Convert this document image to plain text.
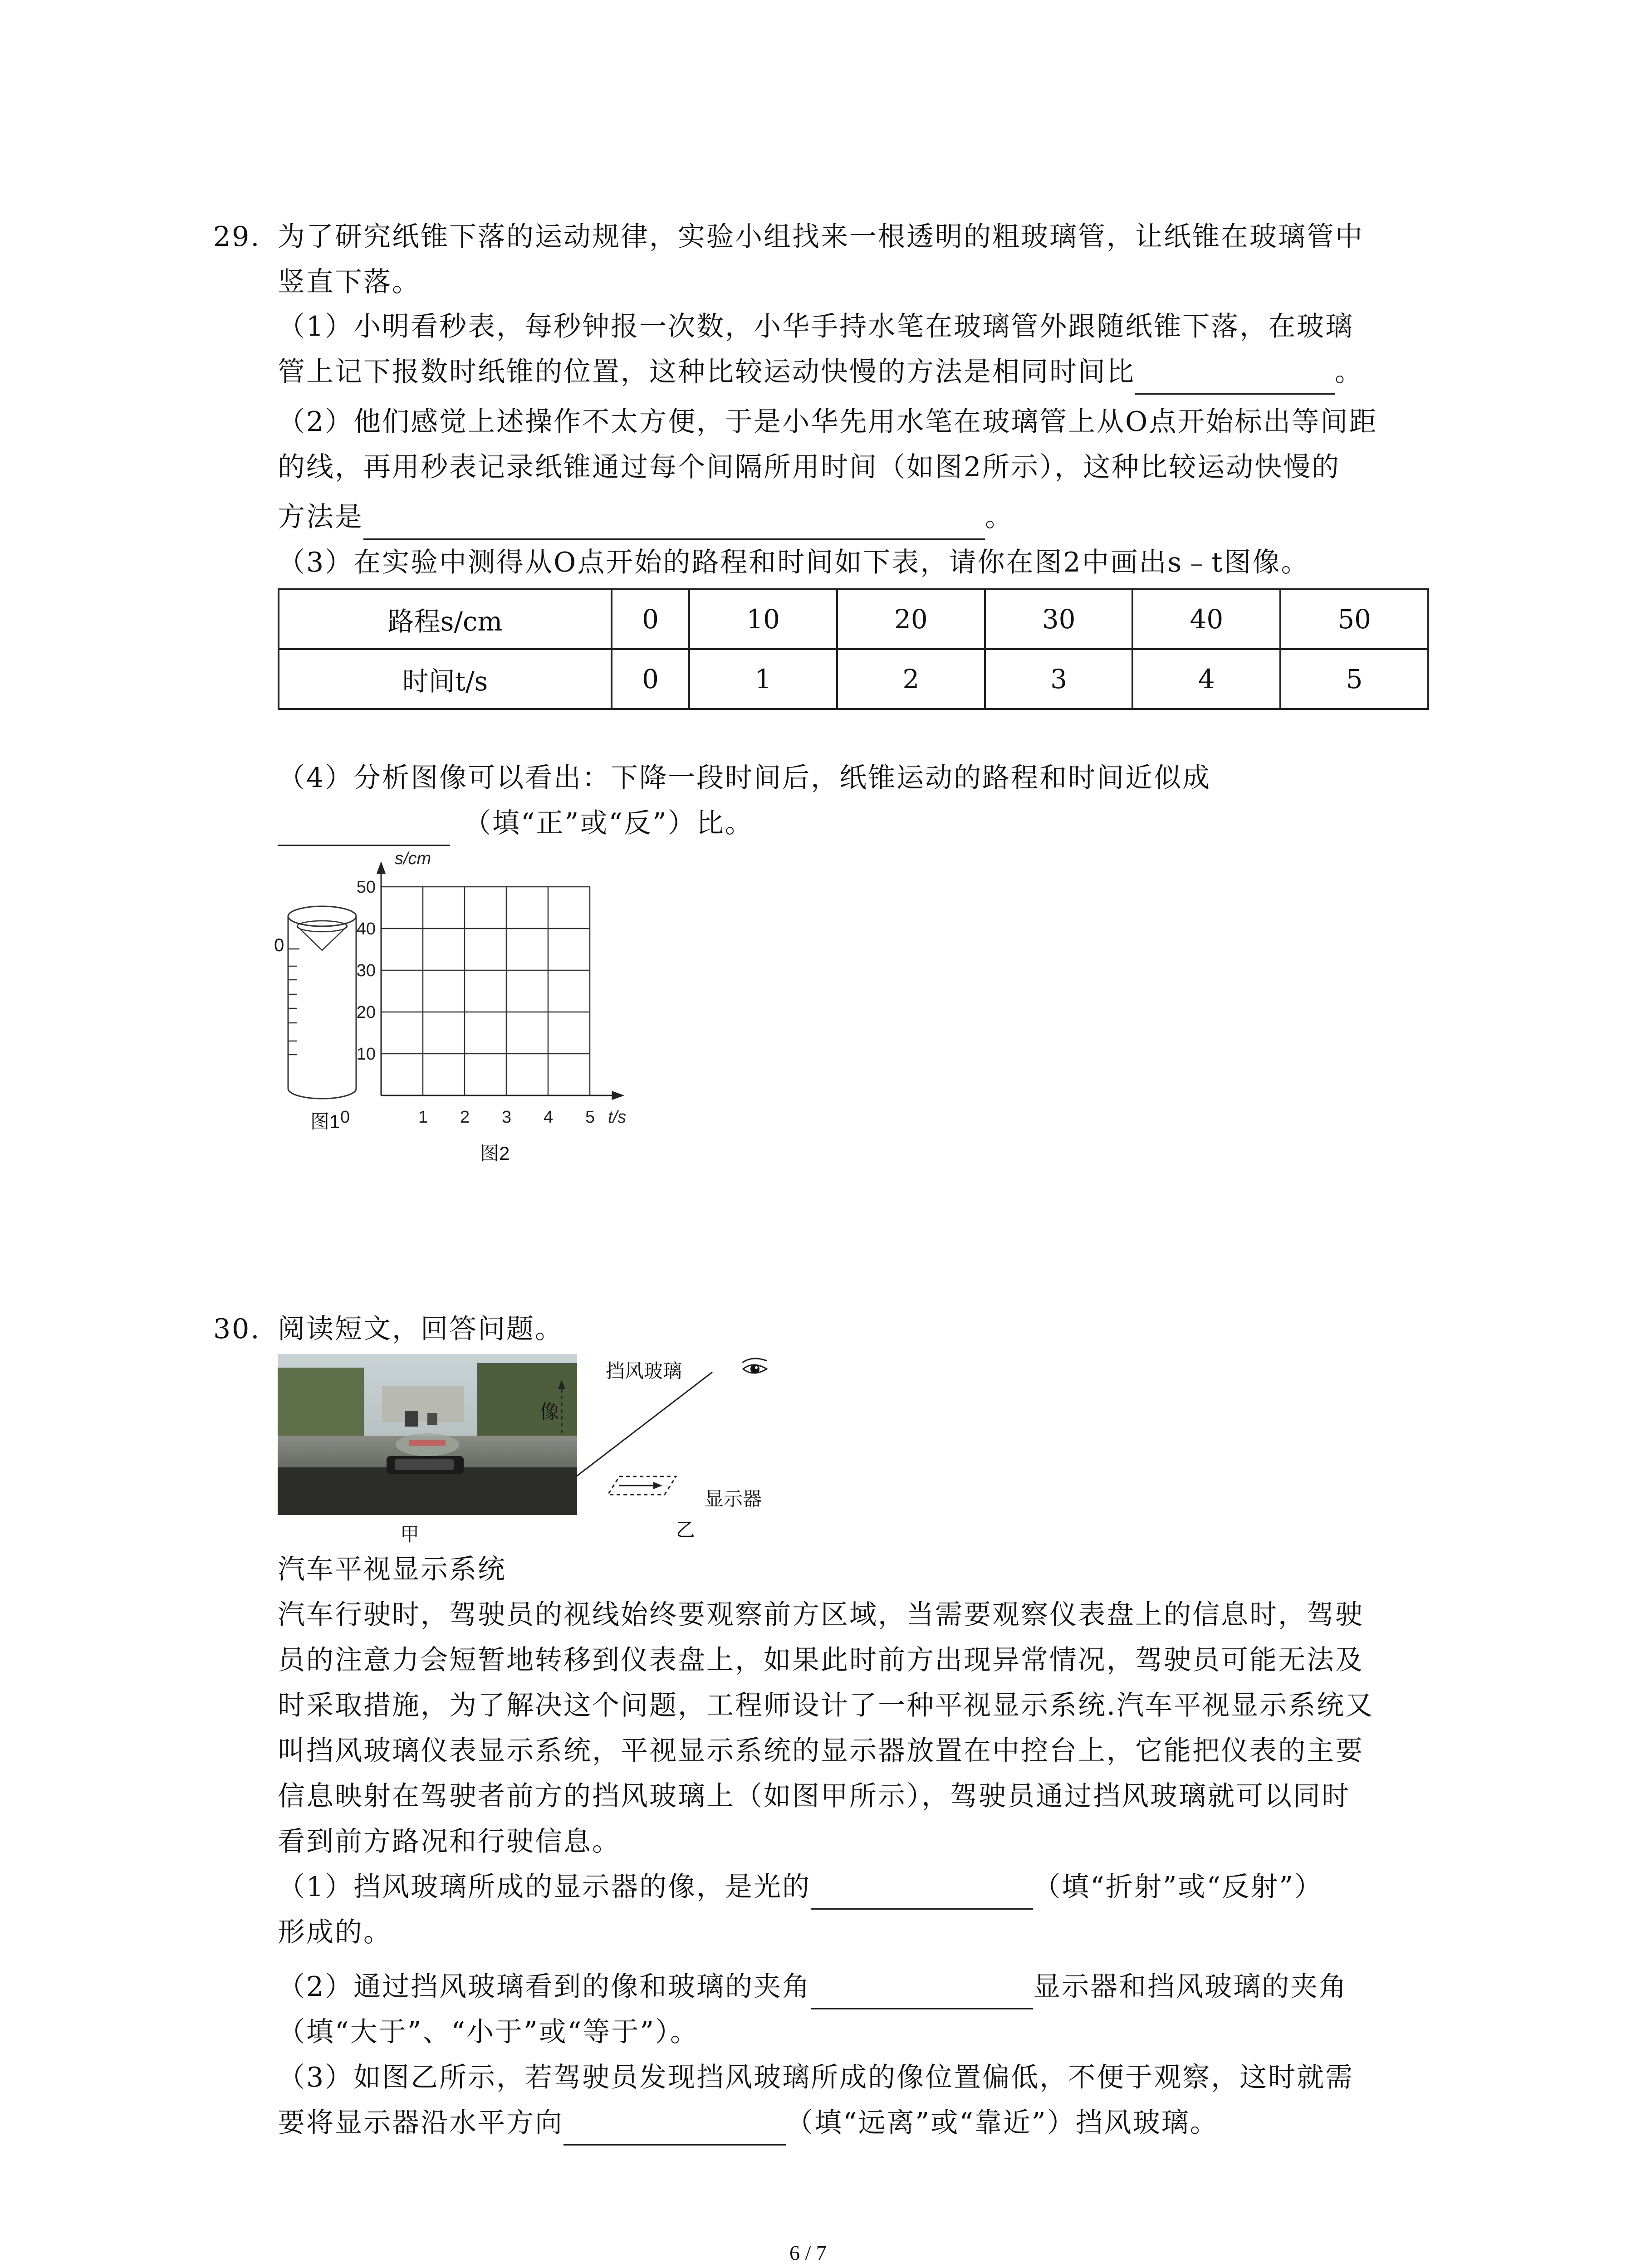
29. 为了研究纸锥下落的运动规律，实验小组找来一根透明的粗玻璃管，让纸锥在玻璃管中
竖直下落。
（1）小明看秒表，每秒钟报一次数，小华手持水笔在玻璃管外跟随纸锥下落，在玻璃
管上记下报数时纸锥的位置，这种比较运动快慢的方法是相同时间比	。
（2）他们感觉上述操作不太方便，于是小华先用水笔在玻璃管上从O点开始标出等间距
的线，再用秒表记录纸锥通过每个间隔所用时间（如图2所示），这种比较运动快慢的
方法是	。
（3）在实验中测得从O点开始的路程和时间如下表，请你在图2中画出s﹣t图像。
路程s/cm	0	10	20	30	40	50
时间t/s	0	1	2	3	4	5
（4）分析图像可以看出：下降一段时间后，纸锥运动的路程和时间近似成
（填“正”或“反”）比。
0
图1
50
40
30
20
10
0	1 2 3 4 5
s/cm
t/s
图2
30. 阅读短文，回答问题。
甲
挡风玻璃
像
显示器
乙
汽车平视显示系统
汽车行驶时，驾驶员的视线始终要观察前方区域，当需要观察仪表盘上的信息时，驾驶
员的注意力会短暂地转移到仪表盘上，如果此时前方出现异常情况，驾驶员可能无法及
时采取措施，为了解决这个问题，工程师设计了一种平视显示系统.汽车平视显示系统又
叫挡风玻璃仪表显示系统，平视显示系统的显示器放置在中控台上，它能把仪表的主要
信息映射在驾驶者前方的挡风玻璃上（如图甲所示），驾驶员通过挡风玻璃就可以同时
看到前方路况和行驶信息。
（1）挡风玻璃所成的显示器的像，是光的	（填“折射”或“反射”）
形成的。
（2）通过挡风玻璃看到的像和玻璃的夹角	显示器和挡风玻璃的夹角
（填“大于”、“小于”或“等于”）。
（3）如图乙所示，若驾驶员发现挡风玻璃所成的像位置偏低，不便于观察，这时就需
要将显示器沿水平方向	（填“远离”或“靠近”）挡风玻璃。
6 / 7
